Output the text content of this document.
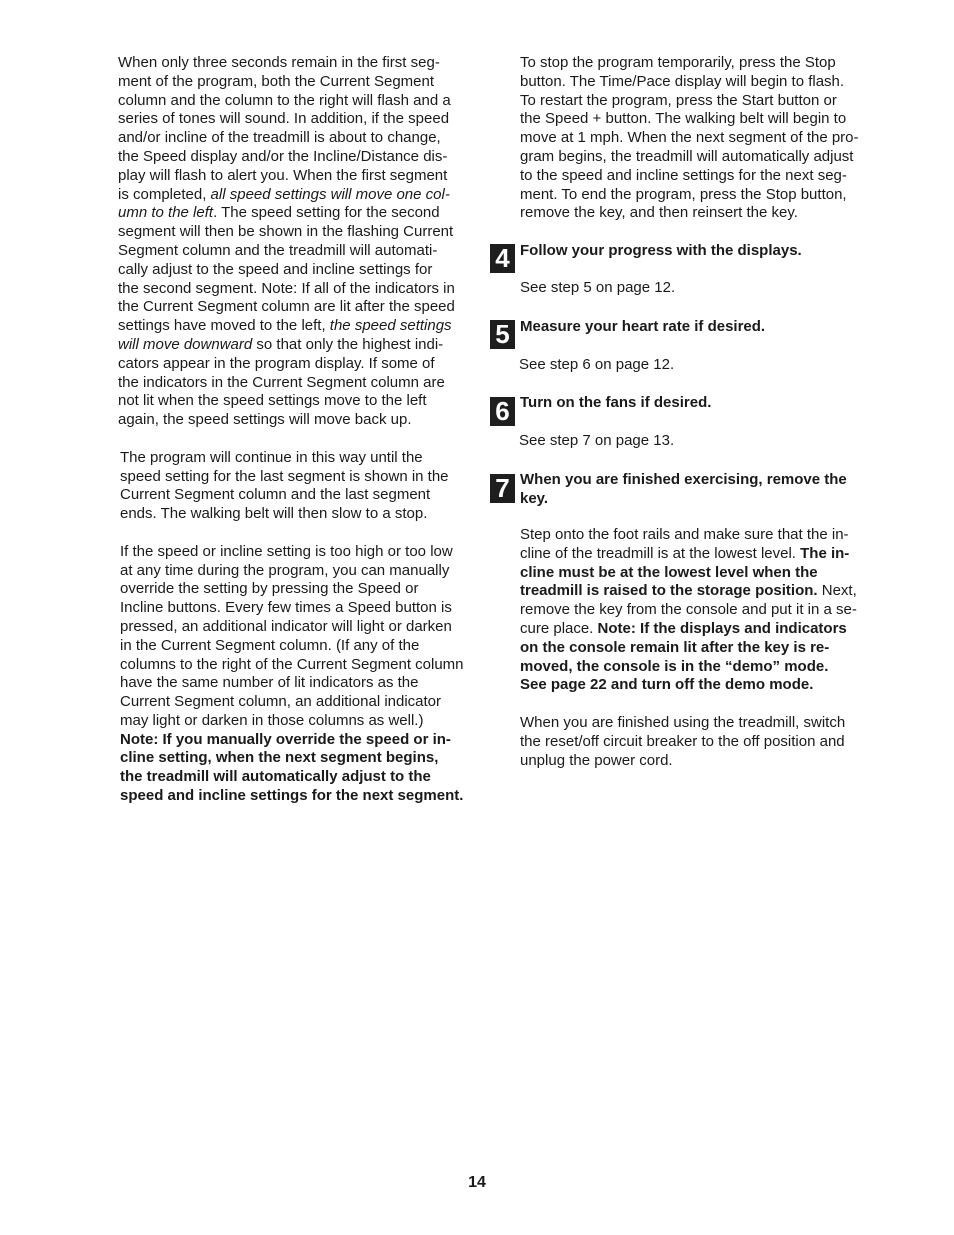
When only three seconds remain in the first seg-
ment of the program, both the Current Segment
column and the column to the right will flash and a
series of tones will sound. In addition, if the speed
and/or incline of the treadmill is about to change,
the Speed display and/or the Incline/Distance dis-
play will flash to alert you. When the first segment
is completed, all speed settings will move one col-
umn to the left. The speed setting for the second
segment will then be shown in the flashing Current
Segment column and the treadmill will automati-
cally adjust to the speed and incline settings for
the second segment. Note: If all of the indicators in
the Current Segment column are lit after the speed
settings have moved to the left, the speed settings
will move downward so that only the highest indi-
cators appear in the program display. If some of
the indicators in the Current Segment column are
not lit when the speed settings move to the left
again, the speed settings will move back up.

The program will continue in this way until the
speed setting for the last segment is shown in the
Current Segment column and the last segment
ends. The walking belt will then slow to a stop.

If the speed or incline setting is too high or too low
at any time during the program, you can manually
override the setting by pressing the Speed or
Incline buttons. Every few times a Speed button is
pressed, an additional indicator will light or darken
in the Current Segment column. (If any of the
columns to the right of the Current Segment column
have the same number of lit indicators as the
Current Segment column, an additional indicator
may light or darken in those columns as well.)
Note: If you manually override the speed or in-
cline setting, when the next segment begins,
the treadmill will automatically adjust to the
speed and incline settings for the next segment.

To stop the program temporarily, press the Stop
button. The Time/Pace display will begin to flash.
To restart the program, press the Start button or
the Speed + button. The walking belt will begin to
move at 1 mph. When the next segment of the pro-
gram begins, the treadmill will automatically adjust
to the speed and incline settings for the next seg-
ment. To end the program, press the Stop button,
remove the key, and then reinsert the key.

4 Follow your progress with the displays.
See step 5 on page 12.
5 Measure your heart rate if desired.
See step 6 on page 12.
6 Turn on the fans if desired.
See step 7 on page 13.
7 When you are finished exercising, remove the
key.
Step onto the foot rails and make sure that the in-
cline of the treadmill is at the lowest level. The in-
cline must be at the lowest level when the
treadmill is raised to the storage position. Next,
remove the key from the console and put it in a se-
cure place. Note: If the displays and indicators
on the console remain lit after the key is re-
moved, the console is in the “demo” mode.
See page 22 and turn off the demo mode.
When you are finished using the treadmill, switch
the reset/off circuit breaker to the off position and
unplug the power cord.
14
